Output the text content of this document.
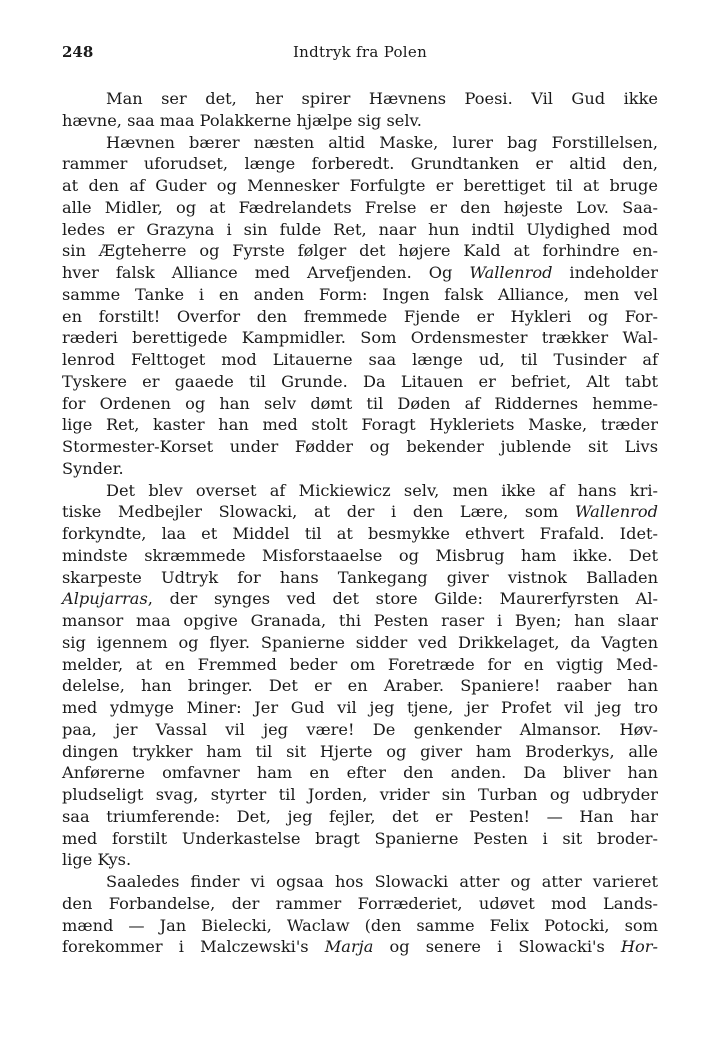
248	Indtryk fra Polen
Man ser det, her spirer Hævnens Poesi. Vil Gud ikke
hævne, saa maa Polakkerne hjælpe sig selv.
Hævnen bærer næsten altid Maske, lurer bag Forstillelsen,
rammer uforudset, længe forberedt. Grundtanken er altid den,
at den af Guder og Mennesker Forfulgte er berettiget til at bruge
alle Midler, og at Fædrelandets Frelse er den højeste Lov. Saa-
ledes er Grazyna i sin fulde Ret, naar hun indtil Ulydighed mod
sin Ægteherre og Fyrste følger det højere Kald at forhindre en-
hver falsk Alliance med Arvefjenden. Og Wallenrod indeholder
samme Tanke i en anden Form: Ingen falsk Alliance, men vel
en forstilt! Overfor den fremmede Fjende er Hykleri og For-
ræderi berettigede Kampmidler. Som Ordensmester trækker Wal-
lenrod Felttoget mod Litauerne saa længe ud, til Tusinder af
Tyskere er gaaede til Grunde. Da Litauen er befriet, Alt tabt
for Ordenen og han selv dømt til Døden af Riddernes hemme-
lige Ret, kaster han med stolt Foragt Hykleriets Maske, træder
Stormester-Korset under Fødder og bekender jublende sit Livs
Synder.
Det blev overset af Mickiewicz selv, men ikke af hans kri-
tiske Medbejler Slowacki, at der i den Lære, som Wallenrod
forkyndte, laa et Middel til at besmykke ethvert Frafald. Idet-
mindste skræmmede Misforstaaelse og Misbrug ham ikke. Det
skarpeste Udtryk for hans Tankegang giver vistnok Balladen
Alpujarras, der synges ved det store Gilde: Maurerfyrsten Al-
mansor maa opgive Granada, thi Pesten raser i Byen; han slaar
sig igennem og flyer. Spanierne sidder ved Drikkelaget, da Vagten
melder, at en Fremmed beder om Foretræde for en vigtig Med-
delelse, han bringer. Det er en Araber. Spaniere! raaber han
med ydmyge Miner: Jer Gud vil jeg tjene, jer Profet vil jeg tro
paa, jer Vassal vil jeg være! De genkender Almansor. Høv-
dingen trykker ham til sit Hjerte og giver ham Broderkys, alle
Anførerne omfavner ham en efter den anden. Da bliver han
pludseligt svag, styrter til Jorden, vrider sin Turban og udbryder
saa triumferende: Det, jeg fejler, det er Pesten! — Han har
med forstilt Underkastelse bragt Spanierne Pesten i sit broder-
lige Kys.
Saaledes finder vi ogsaa hos Slowacki atter og atter varieret
den Forbandelse, der rammer Forræderiet, udøvet mod Lands-
mænd — Jan Bielecki, Waclaw (den samme Felix Potocki, som
forekommer i Malczewski's Marja og senere i Slowacki's Hor-
